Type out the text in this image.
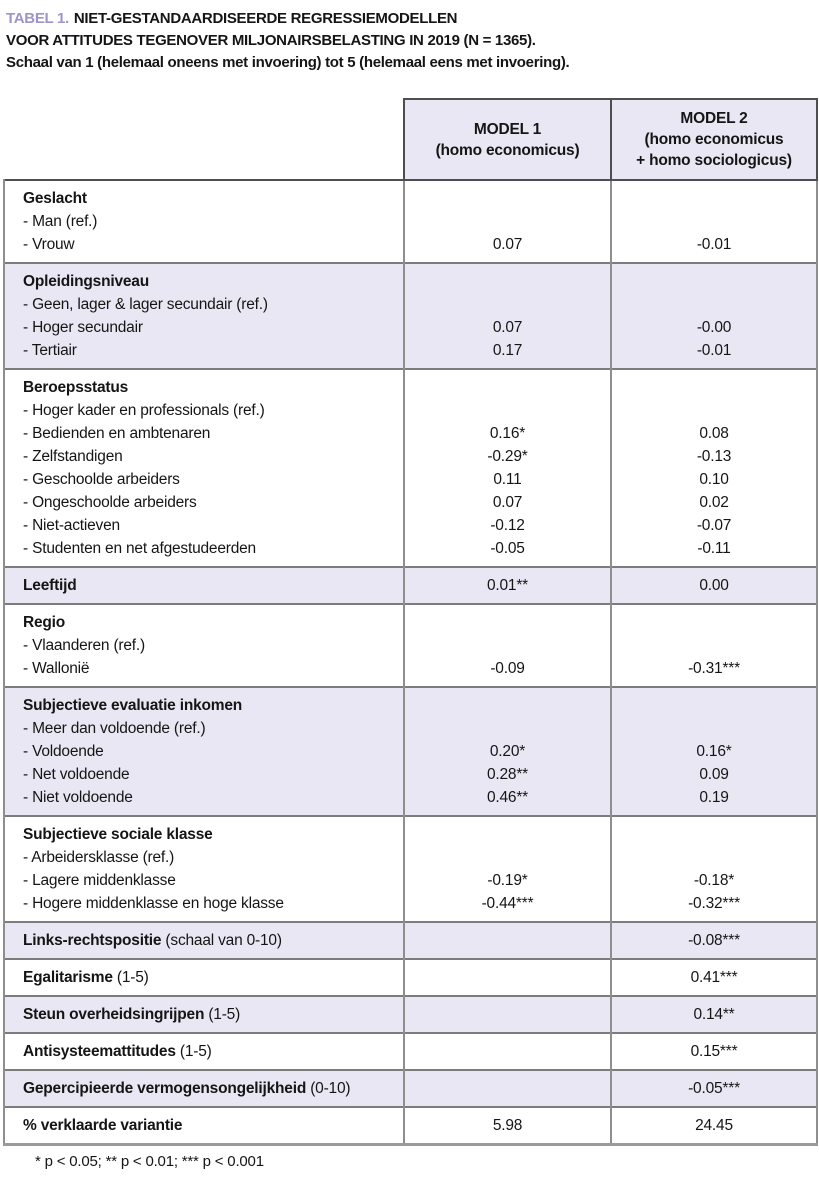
TABEL 1. NIET-GESTANDAARDISEERDE REGRESSIEMODELLEN
VOOR ATTITUDES TEGENOVER MILJONAIRSBELASTING IN 2019 (N = 1365).
Schaal van 1 (helemaal oneens met invoering) tot 5 (helemaal eens met invoering).

MODEL 1
(homo economicus)

MODEL 2
(homo economicus
+ homo sociologicus)

Geslacht		
- Man (ref.)		
- Vrouw	0.07	-0.01
Opleidingsniveau		
- Geen, lager & lager secundair (ref.)		
- Hoger secundair	0.07	-0.00
- Tertiair	0.17	-0.01
Beroepsstatus		
- Hoger kader en professionals (ref.)		
- Bedienden en ambtenaren	0.16*	0.08
- Zelfstandigen	-0.29*	-0.13
- Geschoolde arbeiders	0.11	0.10
- Ongeschoolde arbeiders	0.07	0.02
- Niet-actieven	-0.12	-0.07
- Studenten en net afgestudeerden	-0.05	-0.11
Leeftijd	0.01**	0.00
Regio		
- Vlaanderen (ref.)		
- Wallonië	-0.09	-0.31***
Subjectieve evaluatie inkomen		
- Meer dan voldoende (ref.)		
- Voldoende	0.20*	0.16*
- Net voldoende	0.28**	0.09
- Niet voldoende	0.46**	0.19
Subjectieve sociale klasse		
- Arbeidersklasse (ref.)		
- Lagere middenklasse	-0.19*	-0.18*
- Hogere middenklasse en hoge klasse	-0.44***	-0.32***
Links-rechtspositie (schaal van 0-10)		-0.08***
Egalitarisme (1-5)		0.41***
Steun overheidsingrijpen (1-5)		0.14**
Antisysteemattitudes (1-5)		0.15***
Gepercipieerde vermogensongelijkheid (0-10)		-0.05***
% verklaarde variantie	5.98	24.45
* p < 0.05; ** p < 0.01; *** p < 0.001
